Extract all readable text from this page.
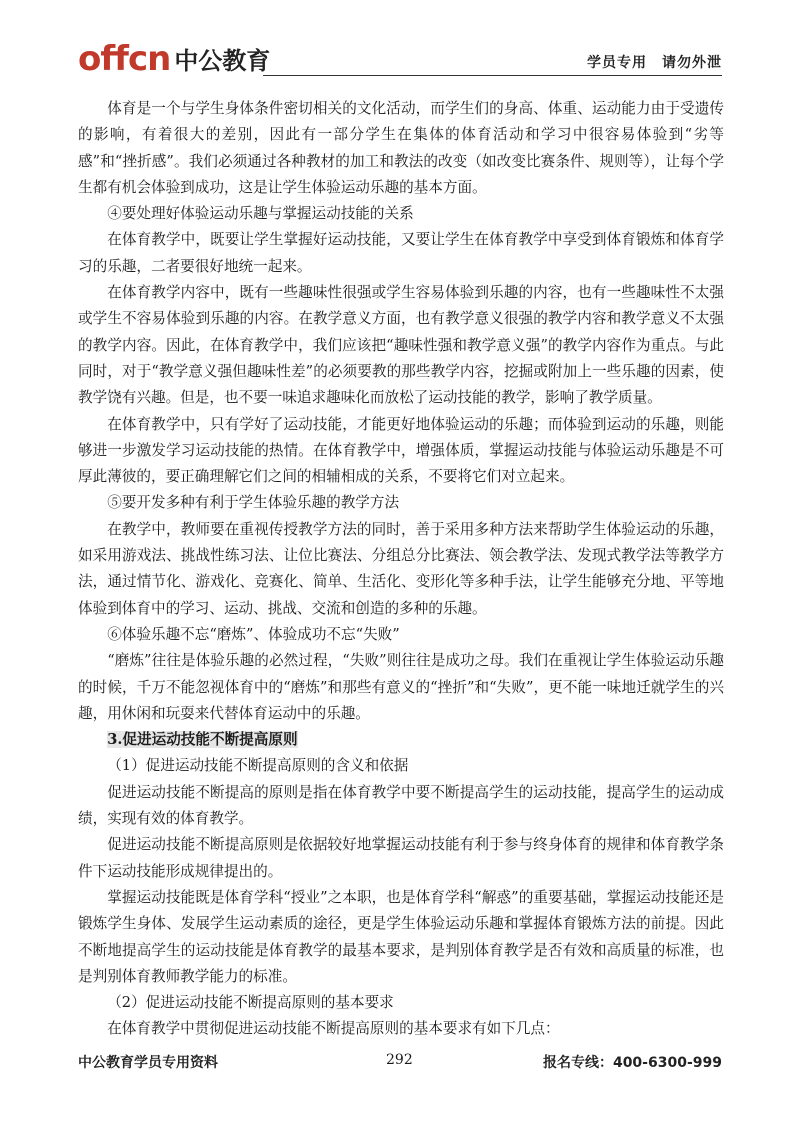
offcn 中公教育	学员专用　请勿外泄

体育是一个与学生身体条件密切相关的文化活动，而学生们的身高、体重、运动能力由于受遗传的影响，有着很大的差别，因此有一部分学生在集体的体育活动和学习中很容易体验到“劣等感”和“挫折感”。我们必须通过各种教材的加工和教法的改变（如改变比赛条件、规则等），让每个学生都有机会体验到成功，这是让学生体验运动乐趣的基本方面。

④要处理好体验运动乐趣与掌握运动技能的关系

在体育教学中，既要让学生掌握好运动技能，又要让学生在体育教学中享受到体育锻炼和体育学习的乐趣，二者要很好地统一起来。

在体育教学内容中，既有一些趣味性很强或学生容易体验到乐趣的内容，也有一些趣味性不太强或学生不容易体验到乐趣的内容。在教学意义方面，也有教学意义很强的教学内容和教学意义不太强的教学内容。因此，在体育教学中，我们应该把“趣味性强和教学意义强”的教学内容作为重点。与此同时，对于“教学意义强但趣味性差”的必须要教的那些教学内容，挖掘或附加上一些乐趣的因素，使教学饶有兴趣。但是，也不要一味追求趣味化而放松了运动技能的教学，影响了教学质量。

在体育教学中，只有学好了运动技能，才能更好地体验运动的乐趣；而体验到运动的乐趣，则能够进一步激发学习运动技能的热情。在体育教学中，增强体质，掌握运动技能与体验运动乐趣是不可厚此薄彼的，要正确理解它们之间的相辅相成的关系，不要将它们对立起来。

⑤要开发多种有利于学生体验乐趣的教学方法

在教学中，教师要在重视传授教学方法的同时，善于采用多种方法来帮助学生体验运动的乐趣，如采用游戏法、挑战性练习法、让位比赛法、分组总分比赛法、领会教学法、发现式教学法等教学方法，通过情节化、游戏化、竞赛化、简单、生活化、变形化等多种手法，让学生能够充分地、平等地体验到体育中的学习、运动、挑战、交流和创造的多种的乐趣。

⑥体验乐趣不忘“磨炼”、体验成功不忘“失败”

“磨炼”往往是体验乐趣的必然过程，“失败”则往往是成功之母。我们在重视让学生体验运动乐趣的时候，千万不能忽视体育中的“磨炼”和那些有意义的“挫折”和“失败”，更不能一味地迁就学生的兴趣，用休闲和玩耍来代替体育运动中的乐趣。

3.促进运动技能不断提高原则

（1）促进运动技能不断提高原则的含义和依据

促进运动技能不断提高的原则是指在体育教学中要不断提高学生的运动技能，提高学生的运动成绩，实现有效的体育教学。

促进运动技能不断提高原则是依据较好地掌握运动技能有利于参与终身体育的规律和体育教学条件下运动技能形成规律提出的。

掌握运动技能既是体育学科“授业”之本职，也是体育学科“解惑”的重要基础，掌握运动技能还是锻炼学生身体、发展学生运动素质的途径，更是学生体验运动乐趣和掌握体育锻炼方法的前提。因此不断地提高学生的运动技能是体育教学的最基本要求，是判别体育教学是否有效和高质量的标准，也是判别体育教师教学能力的标准。

（2）促进运动技能不断提高原则的基本要求

在体育教学中贯彻促进运动技能不断提高原则的基本要求有如下几点：

中公教育学员专用资料	292	报名专线：400-6300-999
